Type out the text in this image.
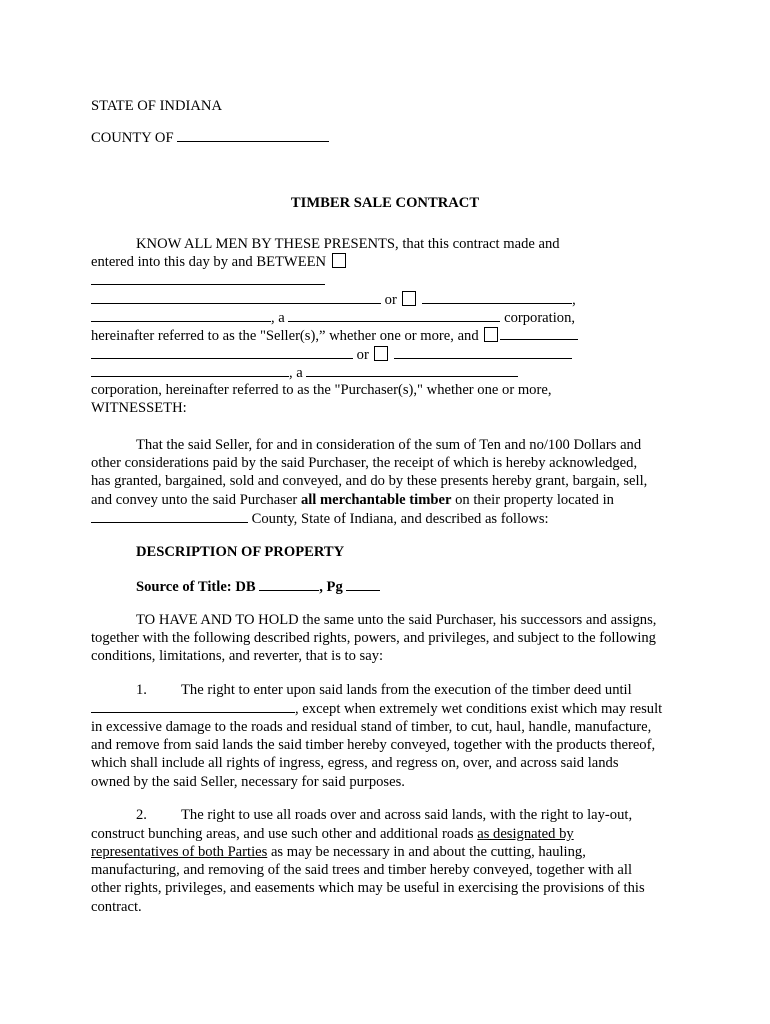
STATE OF INDIANA
COUNTY OF
TIMBER SALE CONTRACT
KNOW ALL MEN BY THESE PRESENTS, that this contract made and
entered into this day by and BETWEEN
or	,
, a	corporation,
hereinafter referred to as the "Seller(s),” whether one or more, and
or
, a
corporation, hereinafter referred to as the "Purchaser(s)," whether one or more,
WITNESSETH:
That the said Seller, for and in consideration of the sum of Ten and no/100 Dollars and
other considerations paid by the said Purchaser, the receipt of which is hereby acknowledged,
has granted, bargained, sold and conveyed, and do by these presents hereby grant, bargain, sell,
and convey unto the said Purchaser all merchantable timber on their property located in
County, State of Indiana, and described as follows:
DESCRIPTION OF PROPERTY
Source of Title: DB	, Pg
TO HAVE AND TO HOLD the same unto the said Purchaser, his successors and assigns,
together with the following described rights, powers, and privileges, and subject to the following
conditions, limitations, and reverter, that is to say:
1. The right to enter upon said lands from the execution of the timber deed until
, except when extremely wet conditions exist which may result
in excessive damage to the roads and residual stand of timber, to cut, haul, handle, manufacture,
and remove from said lands the said timber hereby conveyed, together with the products thereof,
which shall include all rights of ingress, egress, and regress on, over, and across said lands
owned by the said Seller, necessary for said purposes.
2. The right to use all roads over and across said lands, with the right to lay-out,
construct bunching areas, and use such other and additional roads as designated by
representatives of both Parties as may be necessary in and about the cutting, hauling,
manufacturing, and removing of the said trees and timber hereby conveyed, together with all
other rights, privileges, and easements which may be useful in exercising the provisions of this
contract.
